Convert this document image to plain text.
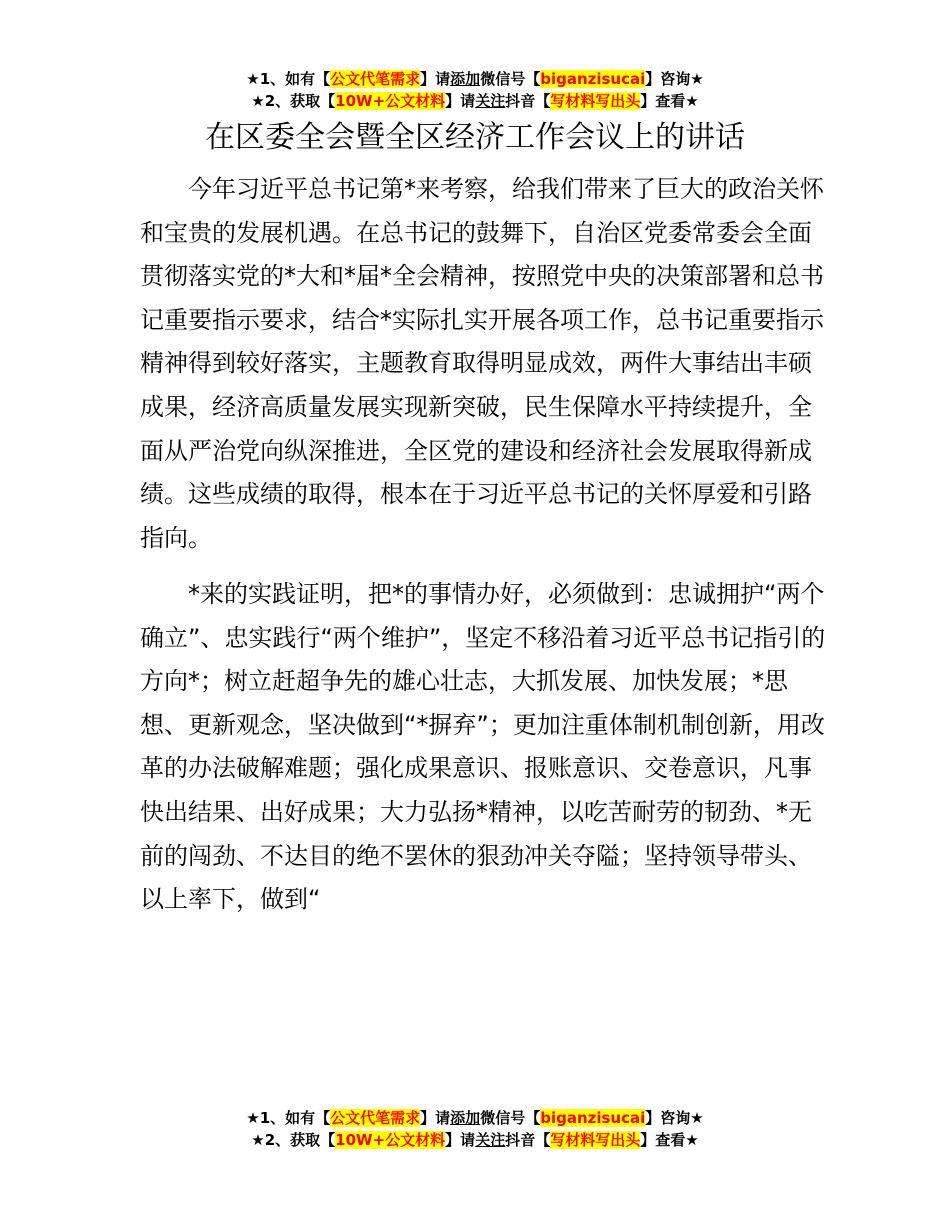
★1、如有【公文代笔需求】请添加微信号【biganzisucai】咨询★
★2、获取【10W+公文材料】请关注抖音【写材料写出头】查看★
在区委全会暨全区经济工作会议上的讲话

今年习近平总书记第*来考察，给我们带来了巨大的政治关怀和宝贵的发展机遇。在总书记的鼓舞下，自治区党委常委会全面贯彻落实党的*大和*届*全会精神，按照党中央的决策部署和总书记重要指示要求，结合*实际扎实开展各项工作，总书记重要指示精神得到较好落实，主题教育取得明显成效，两件大事结出丰硕成果，经济高质量发展实现新突破，民生保障水平持续提升，全面从严治党向纵深推进，全区党的建设和经济社会发展取得新成绩。这些成绩的取得，根本在于习近平总书记的关怀厚爱和引路指向。

*来的实践证明，把*的事情办好，必须做到：忠诚拥护“两个确立”、忠实践行“两个维护”，坚定不移沿着习近平总书记指引的方向*；树立赶超争先的雄心壮志，大抓发展、加快发展；*思想、更新观念，坚决做到“*摒弃”；更加注重体制机制创新，用改革的办法破解难题；强化成果意识、报账意识、交卷意识，凡事快出结果、出好成果；大力弘扬*精神，以吃苦耐劳的韧劲、*无前的闯劲、不达目的绝不罢休的狠劲冲关夺隘；坚持领导带头、以上率下，做到“

★1、如有【公文代笔需求】请添加微信号【biganzisucai】咨询★
★2、获取【10W+公文材料】请关注抖音【写材料写出头】查看★
